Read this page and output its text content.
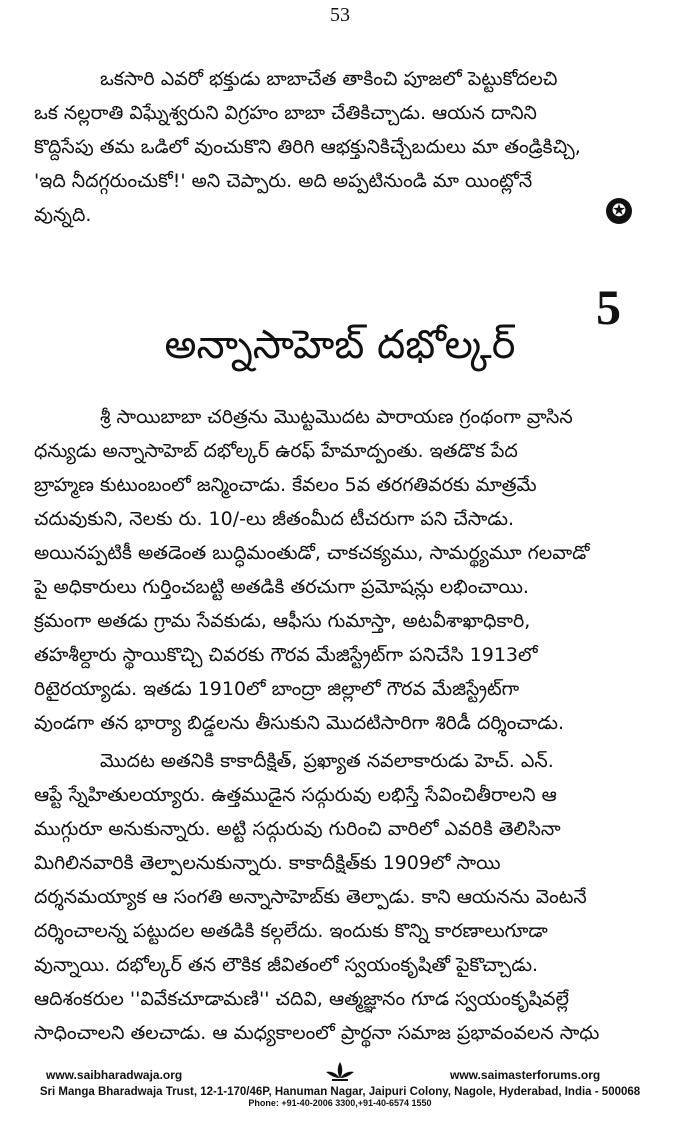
53
ఒకసారి ఎవరో భక్తుడు బాబాచేత తాకించి పూజలో పెట్టుకోదలచి
ఒక నల్లరాతి విఘ్నేశ్వరుని విగ్రహం బాబా చేతికిచ్చాడు. ఆయన దానిని
కొద్దిసేపు తమ ఒడిలో వుంచుకొని తిరిగి ఆభక్తునికిచ్చేబదులు మా తండ్రికిచ్చి,
'ఇది నీదగ్గరుంచుకో!' అని చెప్పారు. అది అప్పటినుండి మా యింట్లోనే
వున్నది.	✪
5
అన్నాసాహెబ్ దభోల్కర్
శ్రీ సాయిబాబా చరిత్రను మొట్టమొదట పారాయణ గ్రంథంగా వ్రాసిన
ధన్యుడు అన్నాసాహెబ్ దభోల్కర్ ఉరఫ్ హేమాద్పంతు. ఇతడొక పేద
బ్రాహ్మణ కుటుంబంలో జన్మించాడు. కేవలం 5వ తరగతివరకు మాత్రమే
చదువుకుని, నెలకు రు. 10/-లు జీతంమీద టీచరుగా పని చేసాడు.
అయినప్పటికీ అతడెంత బుద్ధిమంతుడో, చాకచక్యము, సామర్థ్యమూ గలవాడో
పై అధికారులు గుర్తించబట్టి అతడికి తరచుగా ప్రమోషన్లు లభించాయి.
క్రమంగా అతడు గ్రామ సేవకుడు, ఆఫీసు గుమాస్తా, అటవీశాఖాధికారి,
తహశీల్దారు స్థాయికొచ్చి చివరకు గౌరవ మేజిస్ట్రేట్‌గా పనిచేసి 1913లో
రిటైరయ్యాడు. ఇతడు 1910లో బాంద్రా జిల్లాలో గౌరవ మేజిస్ట్రేట్‌గా
వుండగా తన భార్యా బిడ్డలను తీసుకుని మొదటిసారిగా శిరిడీ దర్శించాడు.
మొదట అతనికి కాకాదీక్షిత్, ప్రఖ్యాత నవలాకారుడు హెచ్. ఎన్.
ఆప్టే స్నేహితులయ్యారు. ఉత్తముడైన సద్గురువు లభిస్తే సేవించితీరాలని ఆ
ముగ్గురూ అనుకున్నారు. అట్టి సద్గురువు గురించి వారిలో ఎవరికి తెలిసినా
మిగిలినవారికి తెల్పాలనుకున్నారు. కాకాదీక్షిత్‌కు 1909లో సాయి
దర్శనమయ్యాక ఆ సంగతి అన్నాసాహెబ్‌కు తెల్పాడు. కాని ఆయనను వెంటనే
దర్శించాలన్న పట్టుదల అతడికి కల్గలేదు. ఇందుకు కొన్ని కారణాలుగూడా
వున్నాయి. దభోల్కర్ తన లౌకిక జీవితంలో స్వయంకృషితో పైకొచ్చాడు.
ఆదిశంకరుల ''వివేకచూడామణి'' చదివి, ఆత్మజ్ఞానం గూడ స్వయంకృషివల్లే
సాధించాలని తలచాడు. ఆ మధ్యకాలంలో ప్రార్థనా సమాజ ప్రభావంవలన సాధు
www.saibharadwaja.org	www.saimasterforums.org
Sri Manga Bharadwaja Trust, 12-1-170/46P, Hanuman Nagar, Jaipuri Colony, Nagole, Hyderabad, India - 500068
Phone: +91-40-2006 3300,+91-40-6574 1550
